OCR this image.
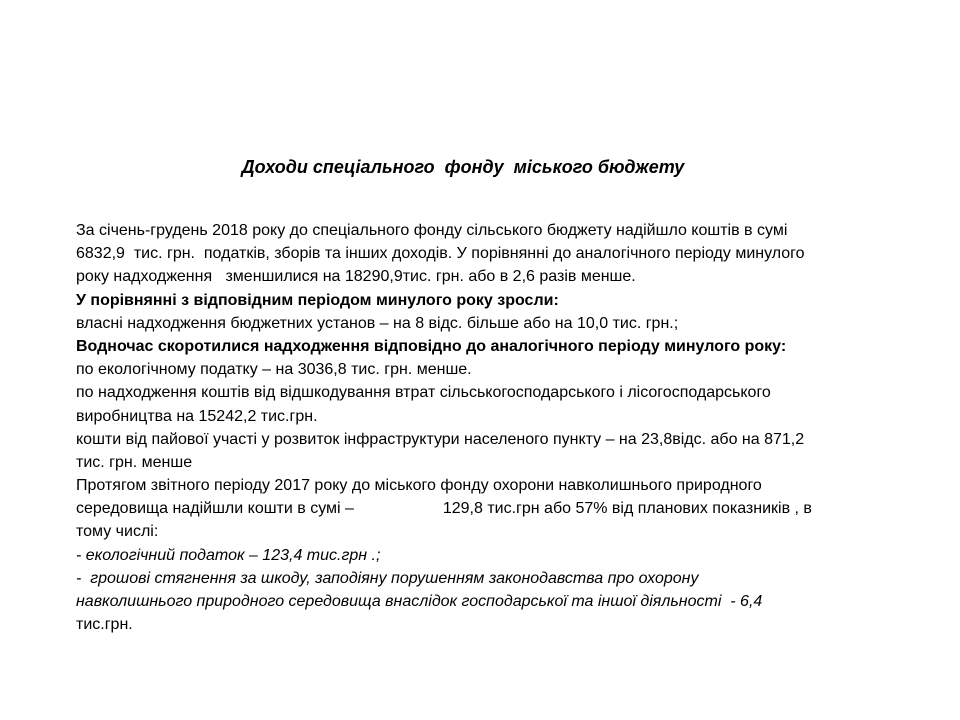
Доходи спеціального  фонду  міського бюджету
За січень-грудень 2018 року до спеціального фонду сільського бюджету надійшло коштів в сумі
6832,9  тис. грн.  податків, зборів та інших доходів. У порівнянні до аналогічного періоду минулого
року надходження   зменшилися на 18290,9тис. грн. або в 2,6 разів менше.
У порівнянні з відповідним періодом минулого року зросли:
власні надходження бюджетних установ – на 8 відс. більше або на 10,0 тис. грн.;
Водночас скоротилися надходження відповідно до аналогічного періоду минулого року:
по екологічному податку – на 3036,8 тис. грн. менше.
по надходження коштів від відшкодування втрат сільськогосподарського і лісогосподарського
виробництва на 15242,2 тис.грн.
кошти від пайової участі у розвиток інфраструктури населеного пункту – на 23,8відс. або на 871,2
тис. грн. менше
Протягом звітного періоду 2017 року до міського фонду охорони навколишнього природного
середовища надійшли кошти в сумі –                    129,8 тис.грн або 57% від планових показників , в
тому числі:
- екологічний податок – 123,4 тис.грн .;
-  грошові стягнення за шкоду, заподіяну порушенням законодавства про охорону
навколишнього природного середовища внаслідок господарської та іншої діяльності  - 6,4
тис.грн.
